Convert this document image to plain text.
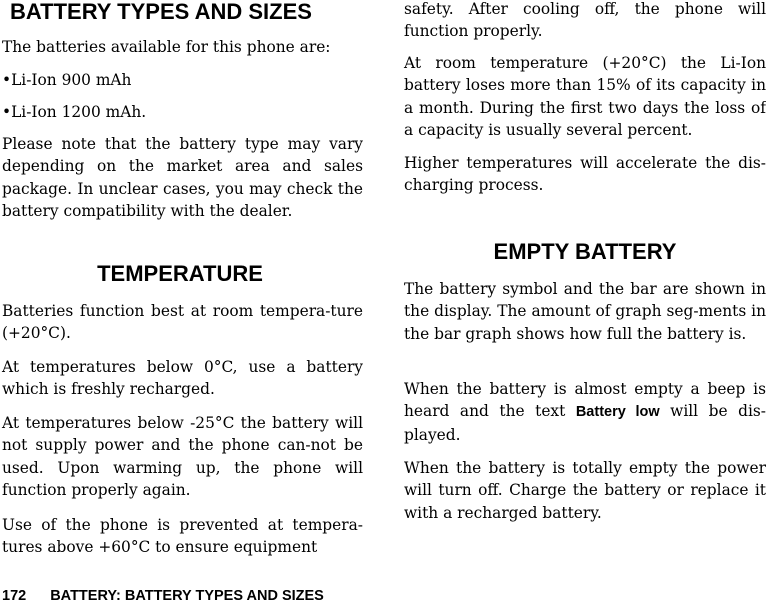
BATTERY TYPES AND SIZES

The batteries available for this phone are:

•Li-Ion 900 mAh
•Li-Ion 1200 mAh.

Please note that the battery type may vary depending on the market area and sales package. In unclear cases, you may check the battery compatibility with the dealer.

TEMPERATURE

Batteries function best at room tempera-ture (+20°C).

At temperatures below 0°C, use a battery which is freshly recharged.

At temperatures below -25°C the battery will not supply power and the phone can-not be used. Upon warming up, the phone will function properly again.

Use of the phone is prevented at tempera-tures above +60°C to ensure equipment

safety. After cooling off, the phone will function properly.

At room temperature (+20°C) the Li-Ion battery loses more than 15% of its capacity in a month. During the first two days the loss of a capacity is usually several percent.

Higher temperatures will accelerate the dis-charging process.

EMPTY BATTERY

The battery symbol and the bar are shown in the display. The amount of graph seg-ments in the bar graph shows how full the battery is.

When the battery is almost empty a beep is heard and the text Battery low will be dis-played.

When the battery is totally empty the power will turn off. Charge the battery or replace it with a recharged battery.

172 BATTERY: BATTERY TYPES AND SIZES
